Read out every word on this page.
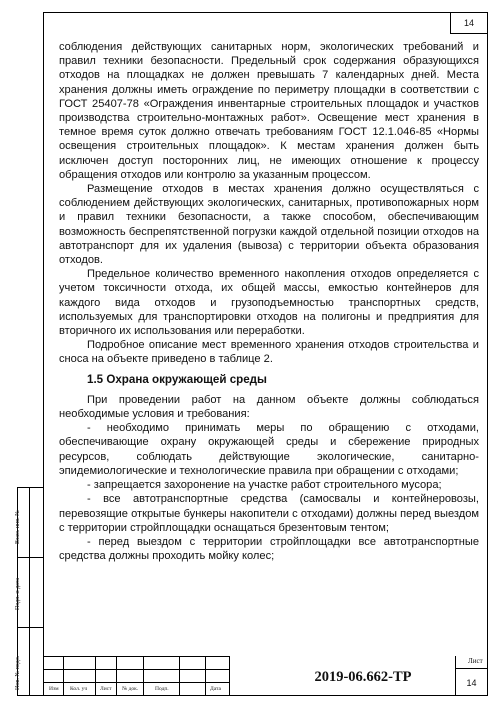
14

соблюдения действующих санитарных норм, экологических требований и правил техники безопасности. Предельный срок содержания образующихся отходов на площадках не должен превышать 7 календарных дней. Места хранения должны иметь ограждение по периметру площадки в соответствии с ГОСТ 25407-78 «Ограждения инвентарные строительных площадок и участков производства строительно-монтажных работ». Освещение мест хранения в темное время суток должно отвечать требованиям ГОСТ 12.1.046-85 «Нормы освещения строительных площадок». К местам хранения должен быть исключен доступ посторонних лиц, не имеющих отношение к процессу обращения отходов или контролю за указанным процессом.

Размещение отходов в местах хранения должно осуществляться с соблюдением действующих экологических, санитарных, противопожарных норм и правил техники безопасности, а также способом, обеспечивающим возможность беспрепятственной погрузки каждой отдельной позиции отходов на автотранспорт для их удаления (вывоза) с территории объекта образования отходов.

Предельное количество временного накопления отходов определяется с учетом токсичности отхода, их общей массы, емкостью контейнеров для каждого вида отходов и грузоподъемностью транспортных средств, используемых для транспортировки отходов на полигоны и предприятия для вторичного их использования или переработки.

Подробное описание мест временного хранения отходов строительства и сноса на объекте приведено в таблице 2.

1.5 Охрана окружающей среды

При проведении работ на данном объекте должны соблюдаться необходимые условия и требования:

- необходимо принимать меры по обращению с отходами, обеспечивающие охрану окружающей среды и сбережение природных ресурсов, соблюдать действующие экологические, санитарно-эпидемиологические и технологические правила при обращении с отходами;

- запрещается захоронение на участке работ строительного мусора;

- все автотранспортные средства (самосвалы и контейнеровозы, перевозящие открытые бункеры накопители с отходами) должны перед выездом с территории стройплощадки оснащаться брезентовым тентом;

- перед выездом с территории стройплощадки все автотранспортные средства должны проходить мойку колес;

Взам. инв. №
Подп. и дата
Инв. № подл.	Изм Кол. уч Лист № док.	Подп.	Дата
2019-06.662-ТР
Лист
14
